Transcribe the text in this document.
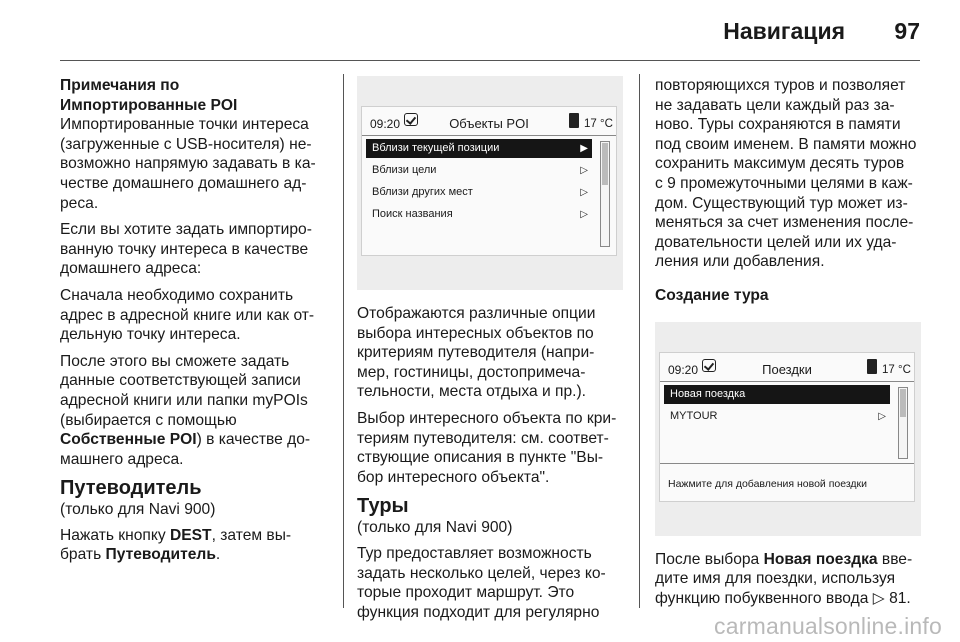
Навигация 97
Примечания по
Импортированные POI

Импортированные точки интереса
(загруженные с USB-носителя) не-
возможно напрямую задавать в ка-
честве домашнего домашнего ад-
реса.

Если вы хотите задать импортиро-
ванную точку интереса в качестве
домашнего адреса:

Сначала необходимо сохранить
адрес в адресной книге или как от-
дельную точку интереса.

После этого вы сможете задать
данные соответствующей записи
адресной книги или папки myPOIs
(выбирается с помощью
Собственные POI) в качестве до-
машнего адреса.

Путеводитель

(только для Navi 900)

Нажать кнопку DEST, затем вы-
брать Путеводитель.

09:20	Объекты POI	17 °C
Вблизи текущей позиции	▶
Вблизи цели	▷
Вблизи других мест	▷
Поиск названия	▷

Отображаются различные опции
выбора интересных объектов по
критериям путеводителя (напри-
мер, гостиницы, достопримеча-
тельности, места отдыха и пр.).

Выбор интересного объекта по кри-
териям путеводителя: см. соответ-
ствующие описания в пункте "Вы-
бор интересного объекта".

Туры

(только для Navi 900)

Тур предоставляет возможность
задать несколько целей, через ко-
торые проходит маршрут. Это
функция подходит для регулярно

повторяющихся туров и позволяет
не задавать цели каждый раз за-
ново. Туры сохраняются в памяти
под своим именем. В памяти можно
сохранить максимум десять туров
с 9 промежуточными целями в каж-
дом. Существующий тур может из-
меняться за счет изменения после-
довательности целей или их уда-
ления или добавления.

Создание тура
09:20	Поездки	17 °C
Новая поездка
MYTOUR	▷
Нажмите для добавления новой поездки

После выбора Новая поездка вве-
дите имя для поездки, используя
функцию побуквенного ввода ▷ 81.

carmanualsonline.info
